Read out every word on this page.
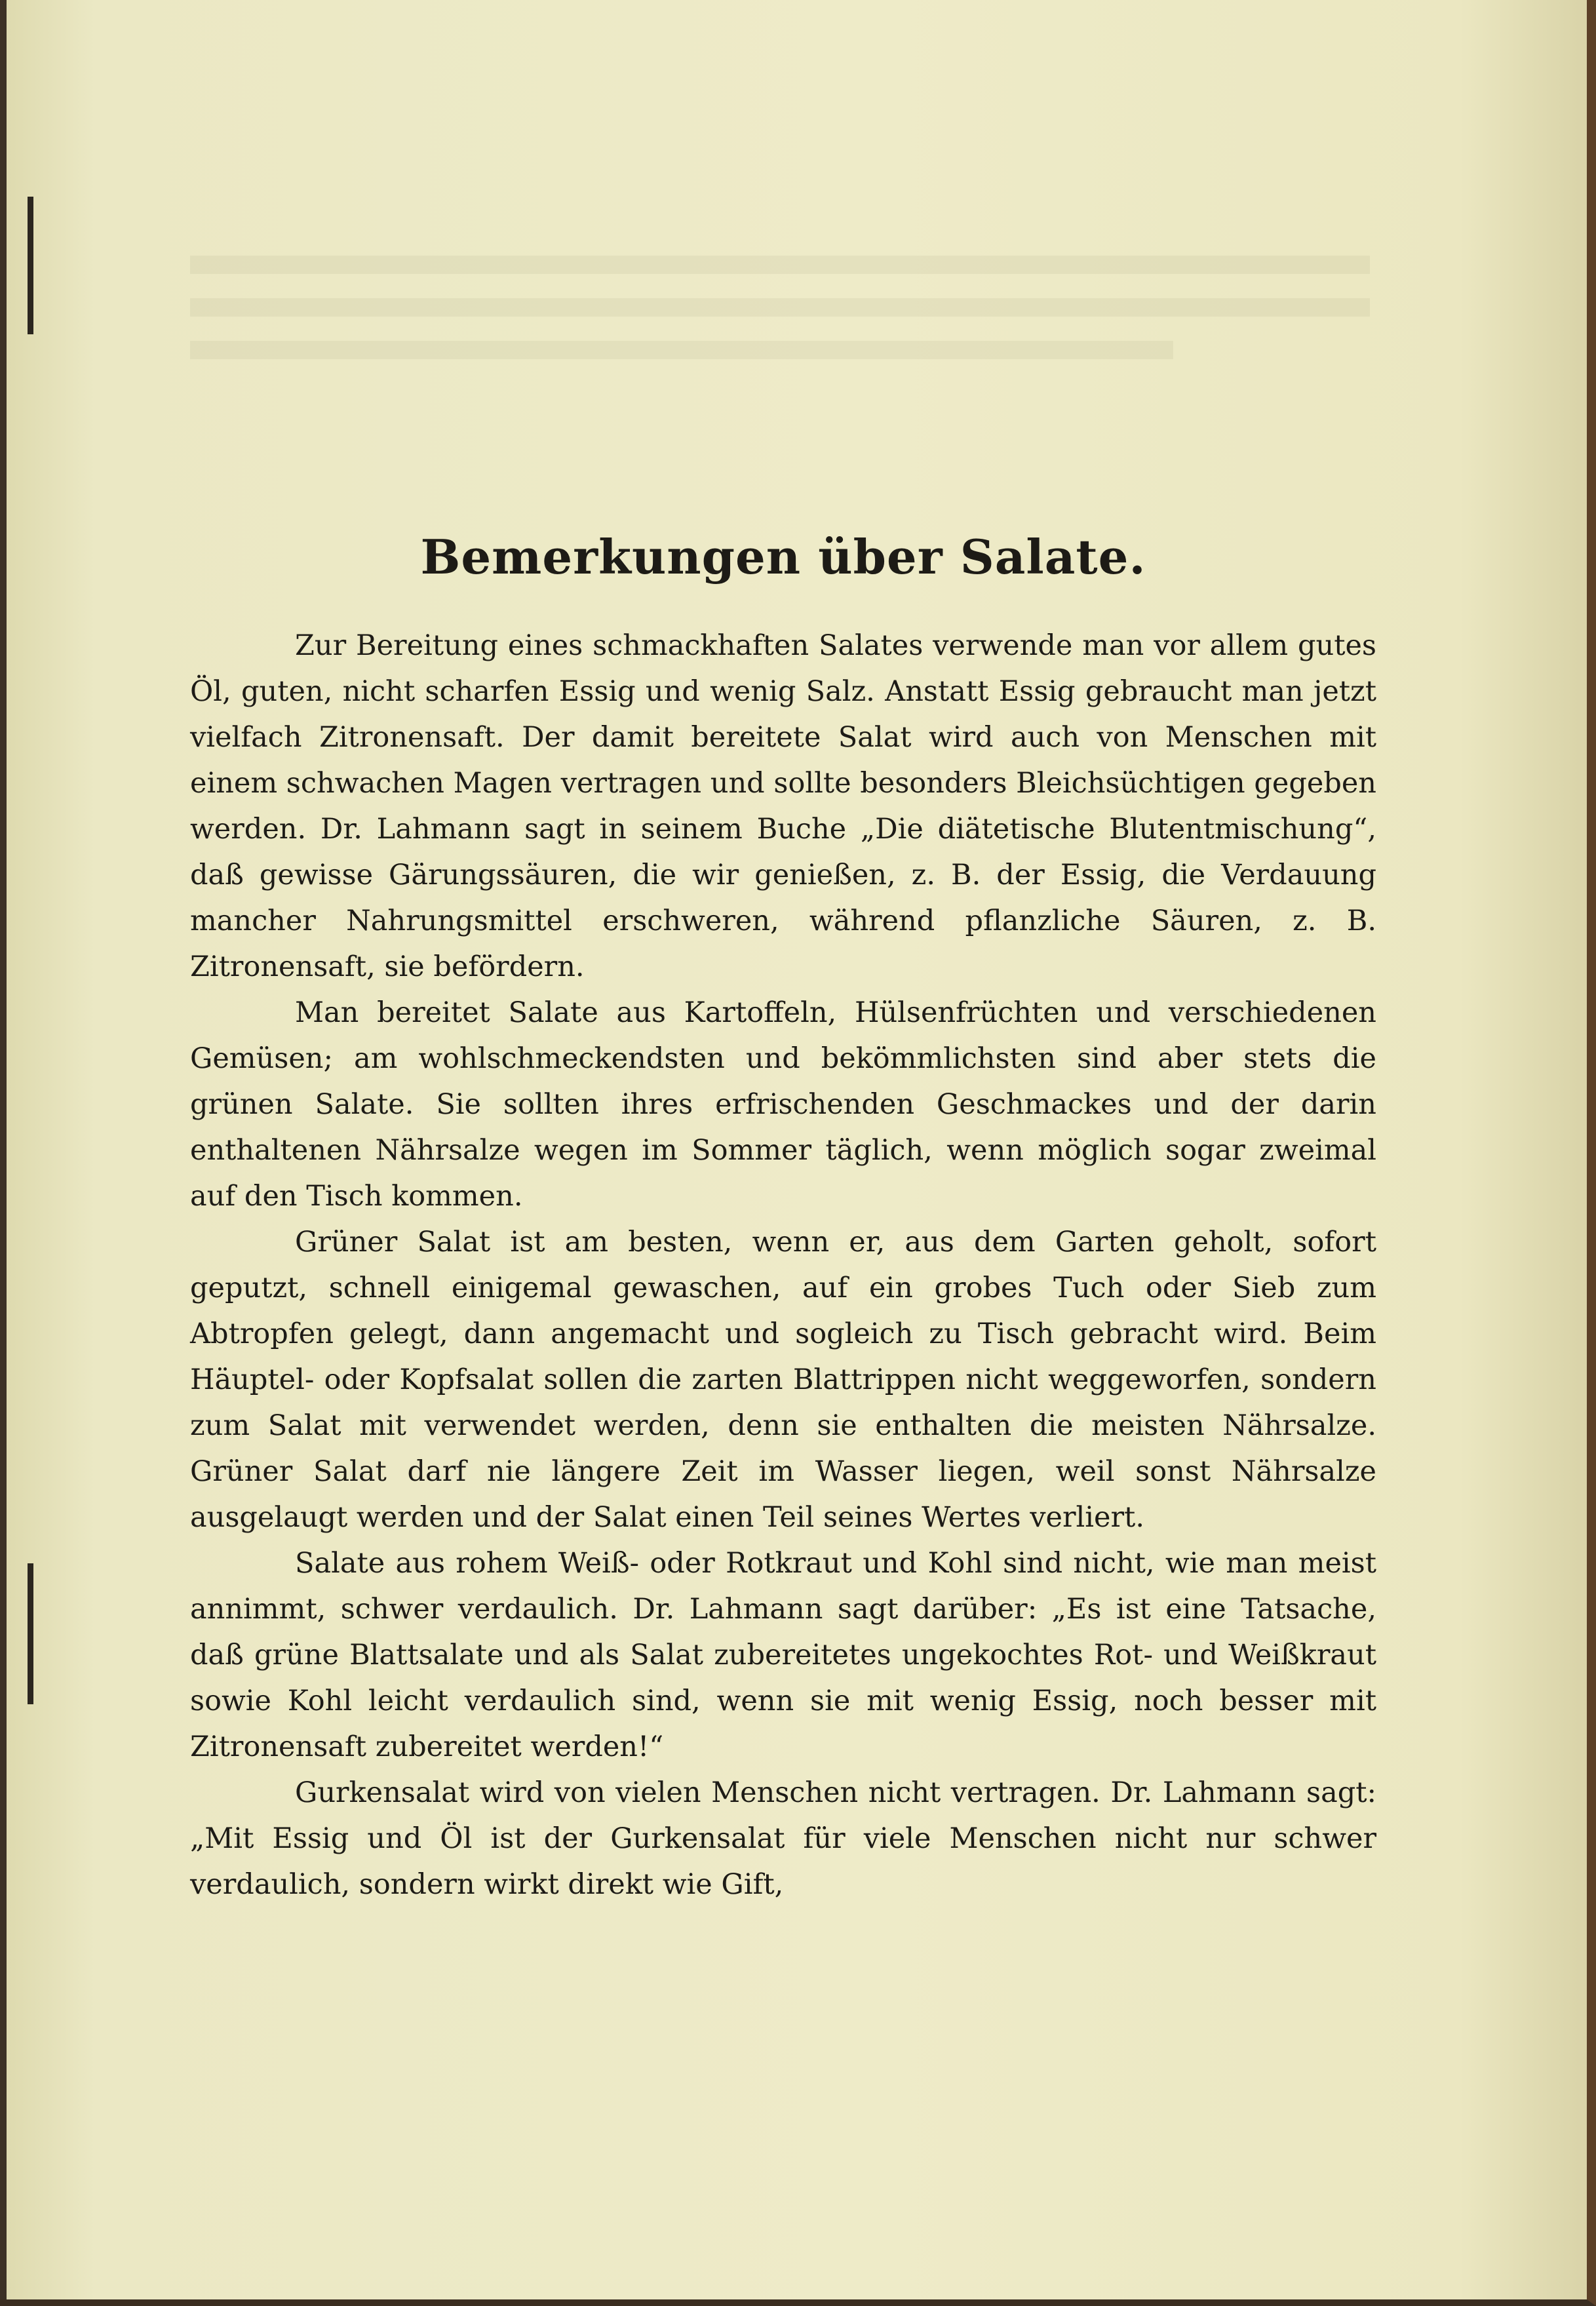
Bemerkungen über Salate.

Zur Bereitung eines schmackhaften Salates verwende man vor allem gutes Öl, guten, nicht scharfen Essig und wenig Salz. Anstatt Essig gebraucht man jetzt vielfach Zitronensaft. Der damit bereitete Salat wird auch von Menschen mit einem schwachen Magen vertragen und sollte besonders Bleichsüchtigen gegeben werden. Dr. Lahmann sagt in seinem Buche „Die diätetische Blutentmischung“, daß gewisse Gärungssäuren, die wir genießen, z. B. der Essig, die Verdauung mancher Nahrungsmittel erschweren, während pflanzliche Säuren, z. B. Zitronensaft, sie befördern.

Man bereitet Salate aus Kartoffeln, Hülsenfrüchten und verschiedenen Gemüsen; am wohlschmeckendsten und bekömmlichsten sind aber stets die grünen Salate. Sie sollten ihres erfrischenden Geschmackes und der darin enthaltenen Nährsalze wegen im Sommer täglich, wenn möglich sogar zweimal auf den Tisch kommen.

Grüner Salat ist am besten, wenn er, aus dem Garten geholt, sofort geputzt, schnell einigemal gewaschen, auf ein grobes Tuch oder Sieb zum Abtropfen gelegt, dann angemacht und sogleich zu Tisch gebracht wird. Beim Häuptel- oder Kopfsalat sollen die zarten Blattrippen nicht weggeworfen, sondern zum Salat mit verwendet werden, denn sie enthalten die meisten Nährsalze. Grüner Salat darf nie längere Zeit im Wasser liegen, weil sonst Nährsalze ausgelaugt werden und der Salat einen Teil seines Wertes verliert.

Salate aus rohem Weiß- oder Rotkraut und Kohl sind nicht, wie man meist annimmt, schwer verdaulich. Dr. Lahmann sagt darüber: „Es ist eine Tatsache, daß grüne Blattsalate und als Salat zubereitetes ungekochtes Rot- und Weißkraut sowie Kohl leicht verdaulich sind, wenn sie mit wenig Essig, noch besser mit Zitronensaft zubereitet werden!“

Gurkensalat wird von vielen Menschen nicht vertragen. Dr. Lahmann sagt: „Mit Essig und Öl ist der Gurkensalat für viele Menschen nicht nur schwer verdaulich, sondern wirkt direkt wie Gift,
